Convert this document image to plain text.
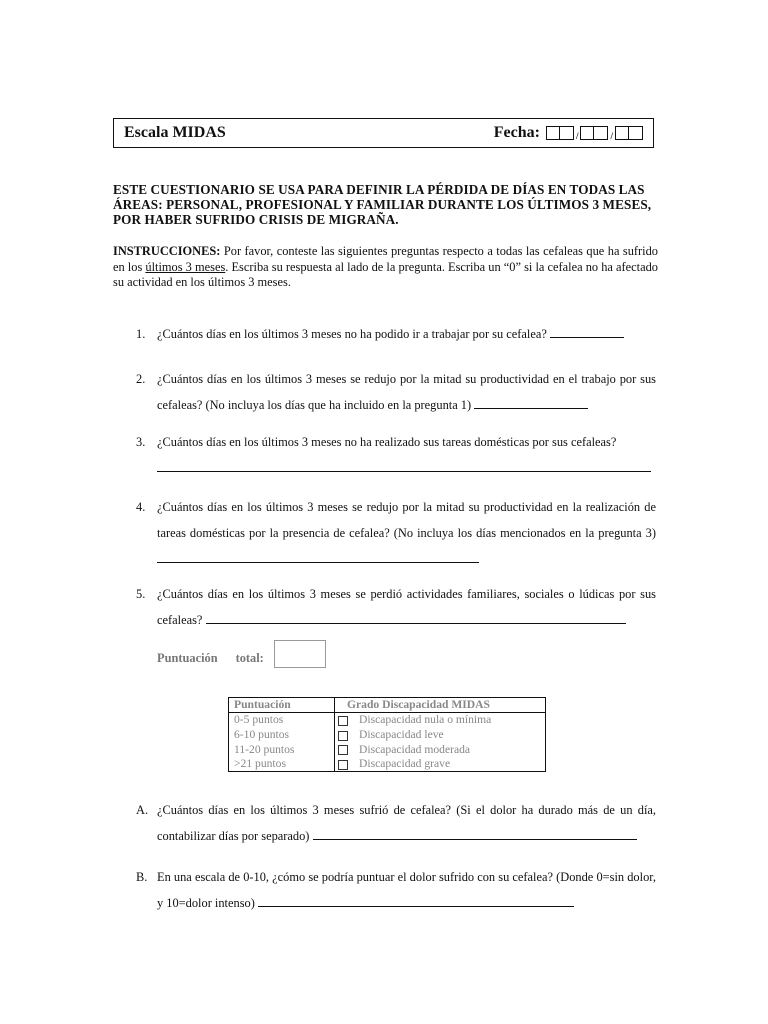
Escala MIDAS	Fecha:	/	/
ESTE CUESTIONARIO SE USA PARA DEFINIR LA PÉRDIDA DE DÍAS EN TODAS LAS
ÁREAS: PERSONAL, PROFESIONAL Y FAMILIAR DURANTE LOS ÚLTIMOS 3 MESES,
POR HABER SUFRIDO CRISIS DE MIGRAÑA.
INSTRUCCIONES: Por favor, conteste las siguientes preguntas respecto a todas las cefaleas que ha sufrido en los últimos 3 meses. Escriba su respuesta al lado de la pregunta. Escriba un “0” si la cefalea no ha afectado su actividad en los últimos 3 meses.
1. ¿Cuántos días en los últimos 3 meses no ha podido ir a trabajar por su cefalea?
2. ¿Cuántos días en los últimos 3 meses se redujo por la mitad su productividad en el trabajo por sus cefaleas? (No incluya los días que ha incluido en la pregunta 1)
3. ¿Cuántos días en los últimos 3 meses no ha realizado sus tareas domésticas por sus cefaleas?

4. ¿Cuántos días en los últimos 3 meses se redujo por la mitad su productividad en la realización de tareas domésticas por la presencia de cefalea? (No incluya los días mencionados en la pregunta 3)
5. ¿Cuántos días en los últimos 3 meses se perdió actividades familiares, sociales o lúdicas por sus cefaleas?
Puntuación total:
Puntuación	Grado Discapacidad MIDAS
0-5 puntos	Discapacidad nula o mínima
6-10 puntos	Discapacidad leve
11-20 puntos	Discapacidad moderada
>21 puntos	Discapacidad grave
A. ¿Cuántos días en los últimos 3 meses sufrió de cefalea? (Si el dolor ha durado más de un día, contabilizar días por separado)
B. En una escala de 0-10, ¿cómo se podría puntuar el dolor sufrido con su cefalea? (Donde 0=sin dolor, y 10=dolor intenso)
